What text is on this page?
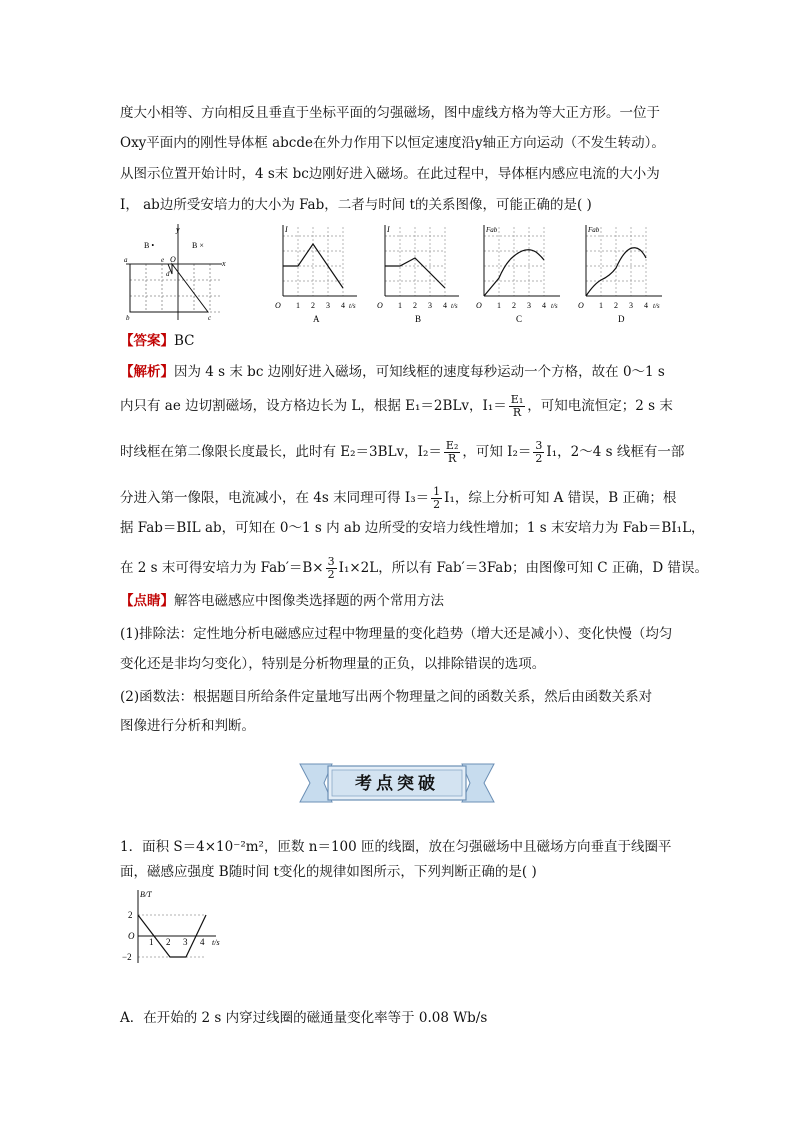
度大小相等、方向相反且垂直于坐标平面的匀强磁场，图中虚线方格为等大正方形。一位于
Oxy平面内的刚性导体框 abcde在外力作用下以恒定速度沿y轴正方向运动（不发生转动）。
从图示位置开始计时，4 s末 bc边刚好进入磁场。在此过程中，导体框内感应电流的大小为
I， ab边所受安培力的大小为 Fab，二者与时间 t的关系图像，可能正确的是( )
B •	B ×
y
x
O
a
b	c
d
e
I
O 1 2 3 4 t/s
A
I
O 1 2 3 4 t/s
B
Fab
O 1 2 3 4 t/s
C
Fab
O 1 2 3 4 t/s
D
【答案】BC
【解析】因为 4 s 末 bc 边刚好进入磁场，可知线框的速度每秒运动一个方格，故在 0～1 s
内只有 ae 边切割磁场，设方格边长为 L，根据 E₁＝2BLv，$I_1= \frac{\text{E₁}}{R}$ ，可知电流恒定；2 s 末
时线框在第二像限长度最长，此时有 E₂＝3BLv，$I_2= \frac{\text{E₂}}{R}$ ，可知 $I_2= \frac{3}{2} I_1$，2～4 s 线框有一部
分进入第一像限，电流减小，在 4s 末同理可得 $I_3= \frac{1}{2} I_1$，综上分析可知 A 错误，B 正确；根
据 Fab＝BIL ab，可知在 0～1 s 内 ab 边所受的安培力线性增加；1 s 末安培力为 Fab＝BI₁L，
在 2 s 末可得安培力为 $Fab'=B\times \frac{3}{2} I_1\times 2L$，所以有 Fab′＝3Fab；由图像可知 C 正确，D 错误。
【点睛】解答电磁感应中图像类选择题的两个常用方法
(1)排除法：定性地分析电磁感应过程中物理量的变化趋势（增大还是减小）、变化快慢（均匀
变化还是非均匀变化），特别是分析物理量的正负，以排除错误的选项。
(2)函数法：根据题目所给条件定量地写出两个物理量之间的函数关系，然后由函数关系对
图像进行分析和判断。
考点突破
1．面积 S＝4×10⁻²m²，匝数 n＝100 匝的线圈，放在匀强磁场中且磁场方向垂直于线圈平
面，磁感应强度 B随时间 t变化的规律如图所示，下列判断正确的是( )
B/T
2
−2
O
1 2 3 4 t/s
A．在开始的 2 s 内穿过线圈的磁通量变化率等于 0.08 Wb/s
